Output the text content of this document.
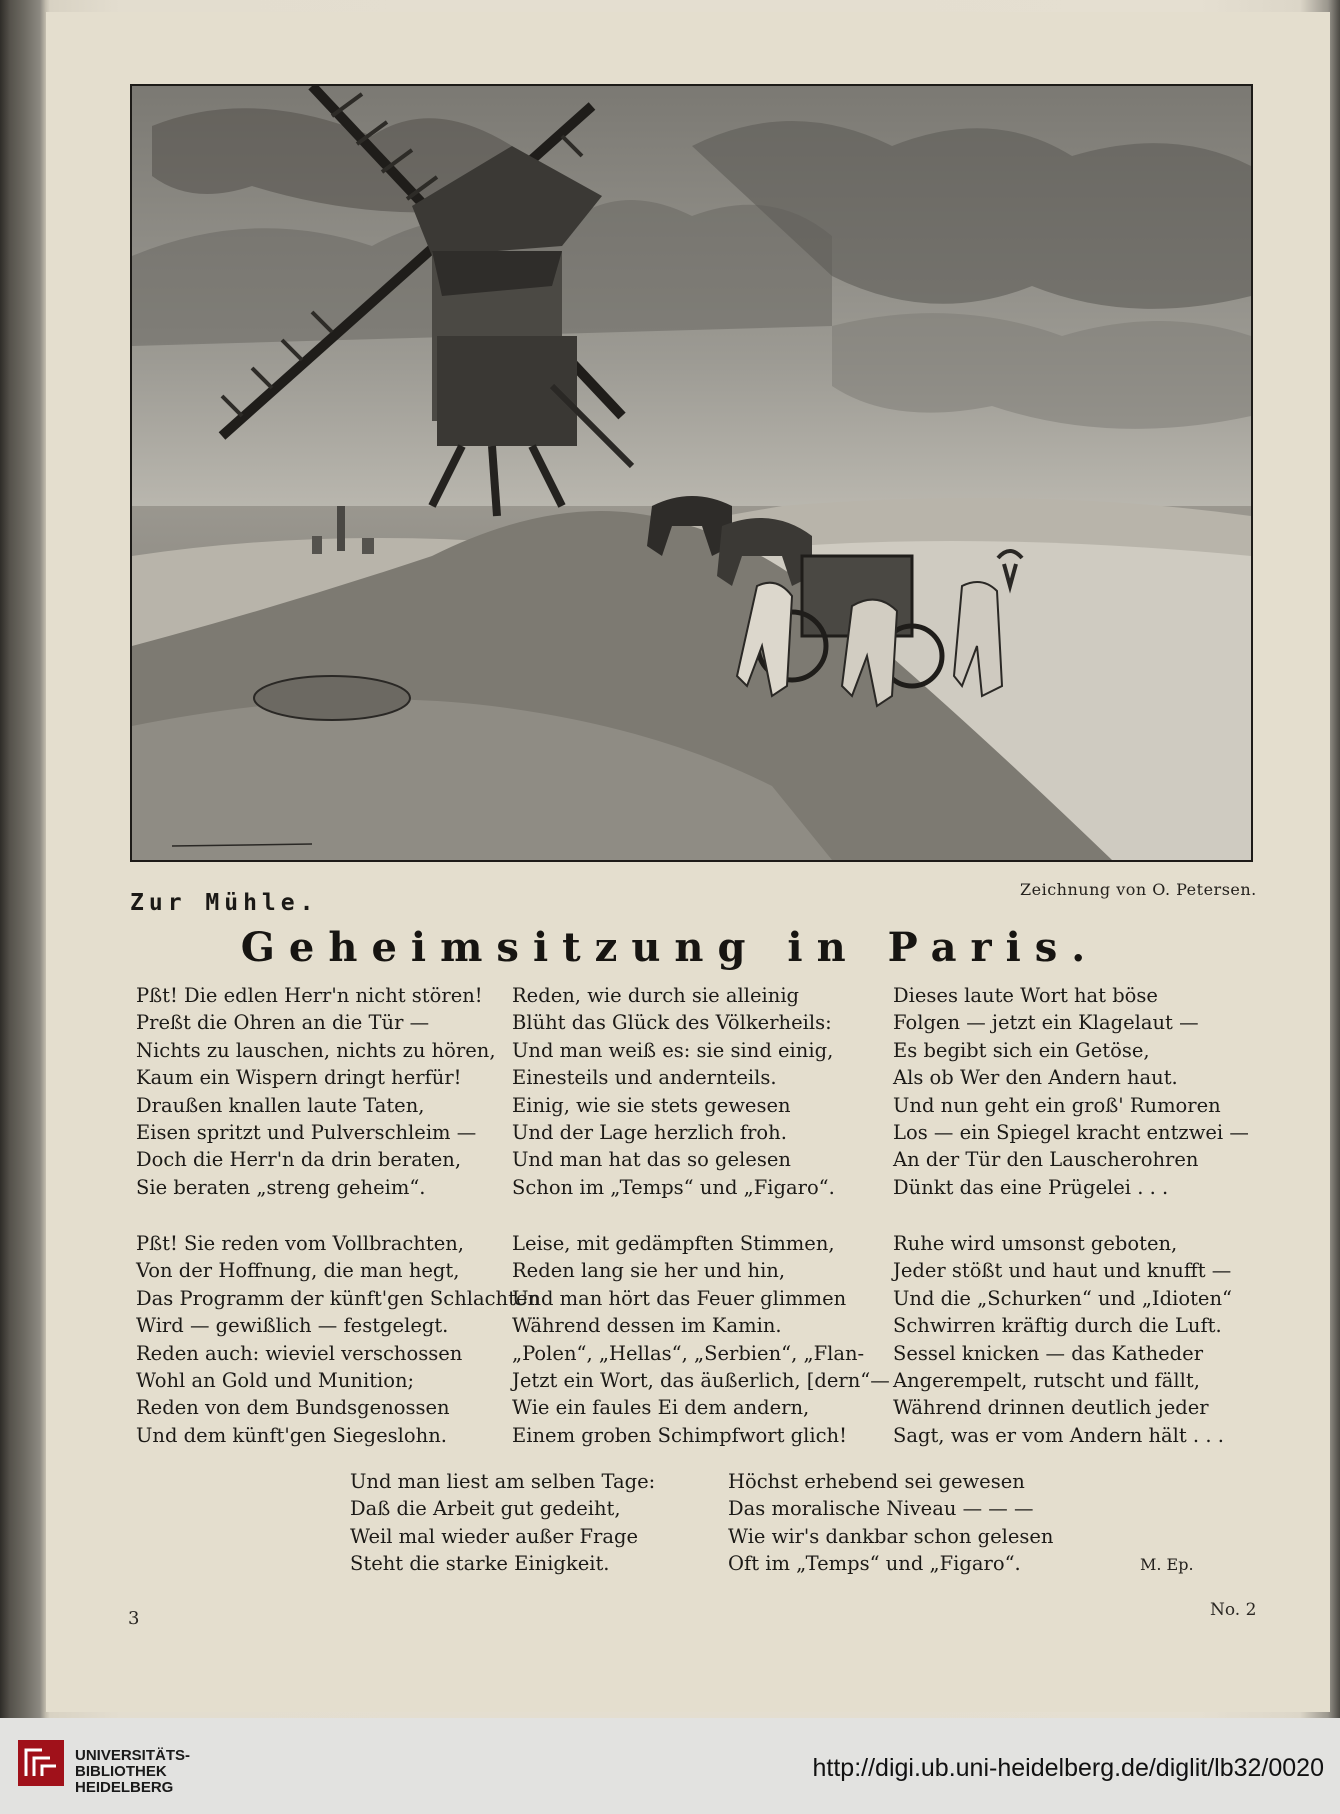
Zur Mühle.
Zeichnung von O. Petersen.
Geheimsitzung in Paris.
Pßt! Die edlen Herr'n nicht stören!
Preßt die Ohren an die Tür —
Nichts zu lauschen, nichts zu hören,
Kaum ein Wispern dringt herfür!
Draußen knallen laute Taten,
Eisen spritzt und Pulverschleim —
Doch die Herr'n da drin beraten,
Sie beraten „streng geheim“.
Reden, wie durch sie alleinig
Blüht das Glück des Völkerheils:
Und man weiß es: sie sind einig,
Einesteils und andernteils.
Einig, wie sie stets gewesen
Und der Lage herzlich froh.
Und man hat das so gelesen
Schon im „Temps“ und „Figaro“.
Dieses laute Wort hat böse
Folgen — jetzt ein Klagelaut —
Es begibt sich ein Getöse,
Als ob Wer den Andern haut.
Und nun geht ein groß' Rumoren
Los — ein Spiegel kracht entzwei —
An der Tür den Lauscherohren
Dünkt das eine Prügelei . . .
Pßt! Sie reden vom Vollbrachten,
Von der Hoffnung, die man hegt,
Das Programm der künft'gen Schlachten
Wird — gewißlich — festgelegt.
Reden auch: wieviel verschossen
Wohl an Gold und Munition;
Reden von dem Bundsgenossen
Und dem künft'gen Siegeslohn.
Leise, mit gedämpften Stimmen,
Reden lang sie her und hin,
Und man hört das Feuer glimmen
Während dessen im Kamin.
„Polen“, „Hellas“, „Serbien“, „Flan-
Jetzt ein Wort, das äußerlich, [dern“—
Wie ein faules Ei dem andern,
Einem groben Schimpfwort glich!
Ruhe wird umsonst geboten,
Jeder stößt und haut und knufft —
Und die „Schurken“ und „Idioten“
Schwirren kräftig durch die Luft.
Sessel knicken — das Katheder
Angerempelt, rutscht und fällt,
Während drinnen deutlich jeder
Sagt, was er vom Andern hält . . .
Und man liest am selben Tage:
Daß die Arbeit gut gedeiht,
Weil mal wieder außer Frage
Steht die starke Einigkeit.
Höchst erhebend sei gewesen
Das moralische Niveau — — —
Wie wir's dankbar schon gelesen
Oft im „Temps“ und „Figaro“.	M. Ep.
3	No. 2
UNIVERSITÄTS-
BIBLIOTHEK
HEIDELBERG
http://digi.ub.uni-heidelberg.de/diglit/lb32/0020
